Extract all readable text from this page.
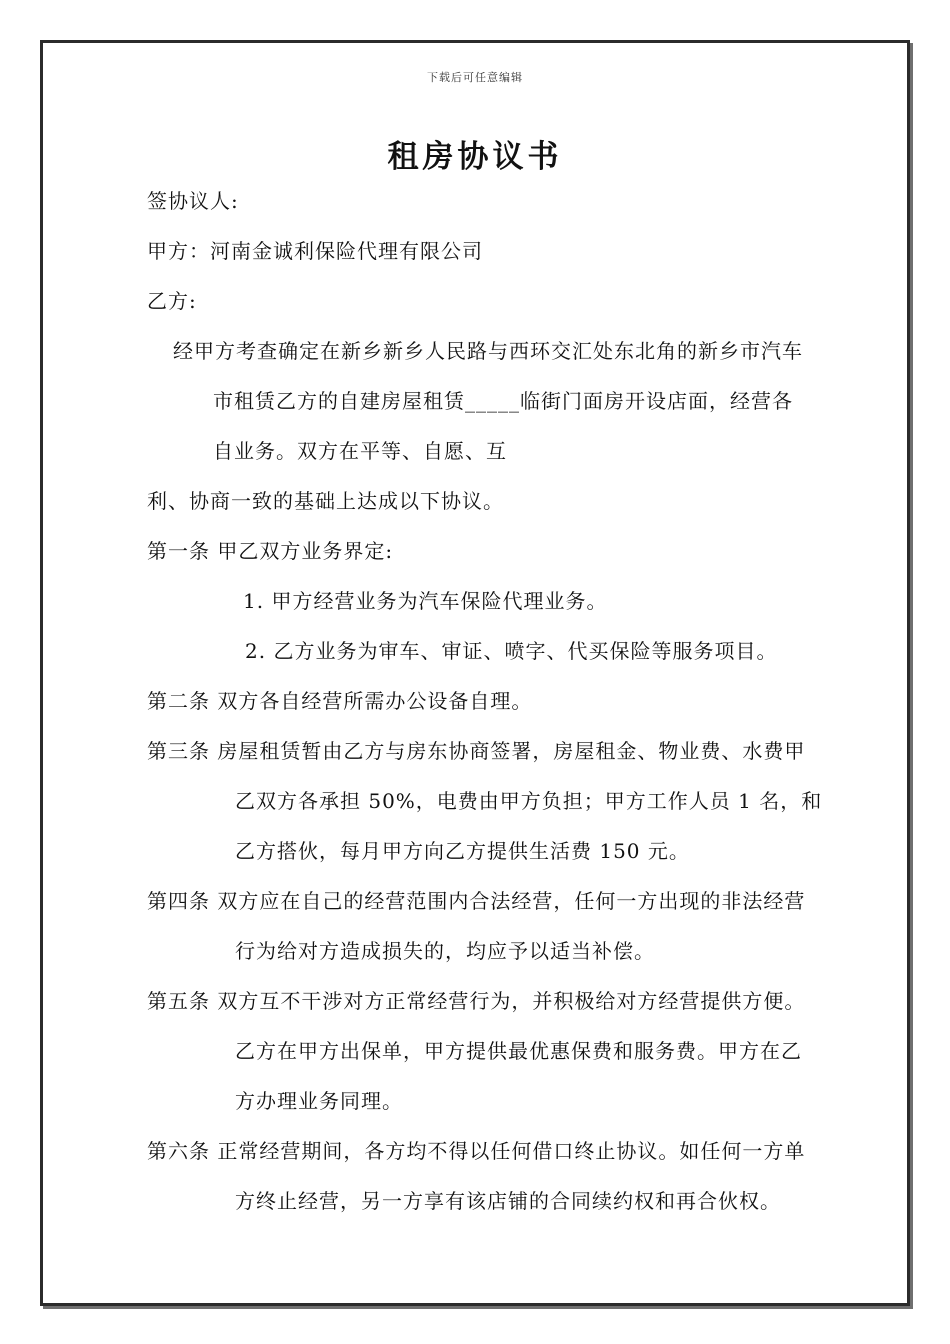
下载后可任意编辑
租房协议书
签协议人:
甲方：河南金诚利保险代理有限公司
乙方:
经甲方考查确定在新乡新乡人民路与西环交汇处东北角的新乡市汽车
市租赁乙方的自建房屋租赁_____临街门面房开设店面，经营各
自业务。双方在平等、自愿、互
利、协商一致的基础上达成以下协议。
第一条 甲乙双方业务界定:
1. 甲方经营业务为汽车保险代理业务。
2. 乙方业务为审车、审证、喷字、代买保险等服务项目。
第二条 双方各自经营所需办公设备自理。
第三条 房屋租赁暂由乙方与房东协商签署，房屋租金、物业费、水费甲
乙双方各承担 50%，电费由甲方负担；甲方工作人员 1 名，和
乙方搭伙，每月甲方向乙方提供生活费 150 元。
第四条 双方应在自己的经营范围内合法经营，任何一方出现的非法经营
行为给对方造成损失的，均应予以适当补偿。
第五条 双方互不干涉对方正常经营行为，并积极给对方经营提供方便。
乙方在甲方出保单，甲方提供最优惠保费和服务费。甲方在乙
方办理业务同理。
第六条 正常经营期间，各方均不得以任何借口终止协议。如任何一方单
方终止经营，另一方享有该店铺的合同续约权和再合伙权。
